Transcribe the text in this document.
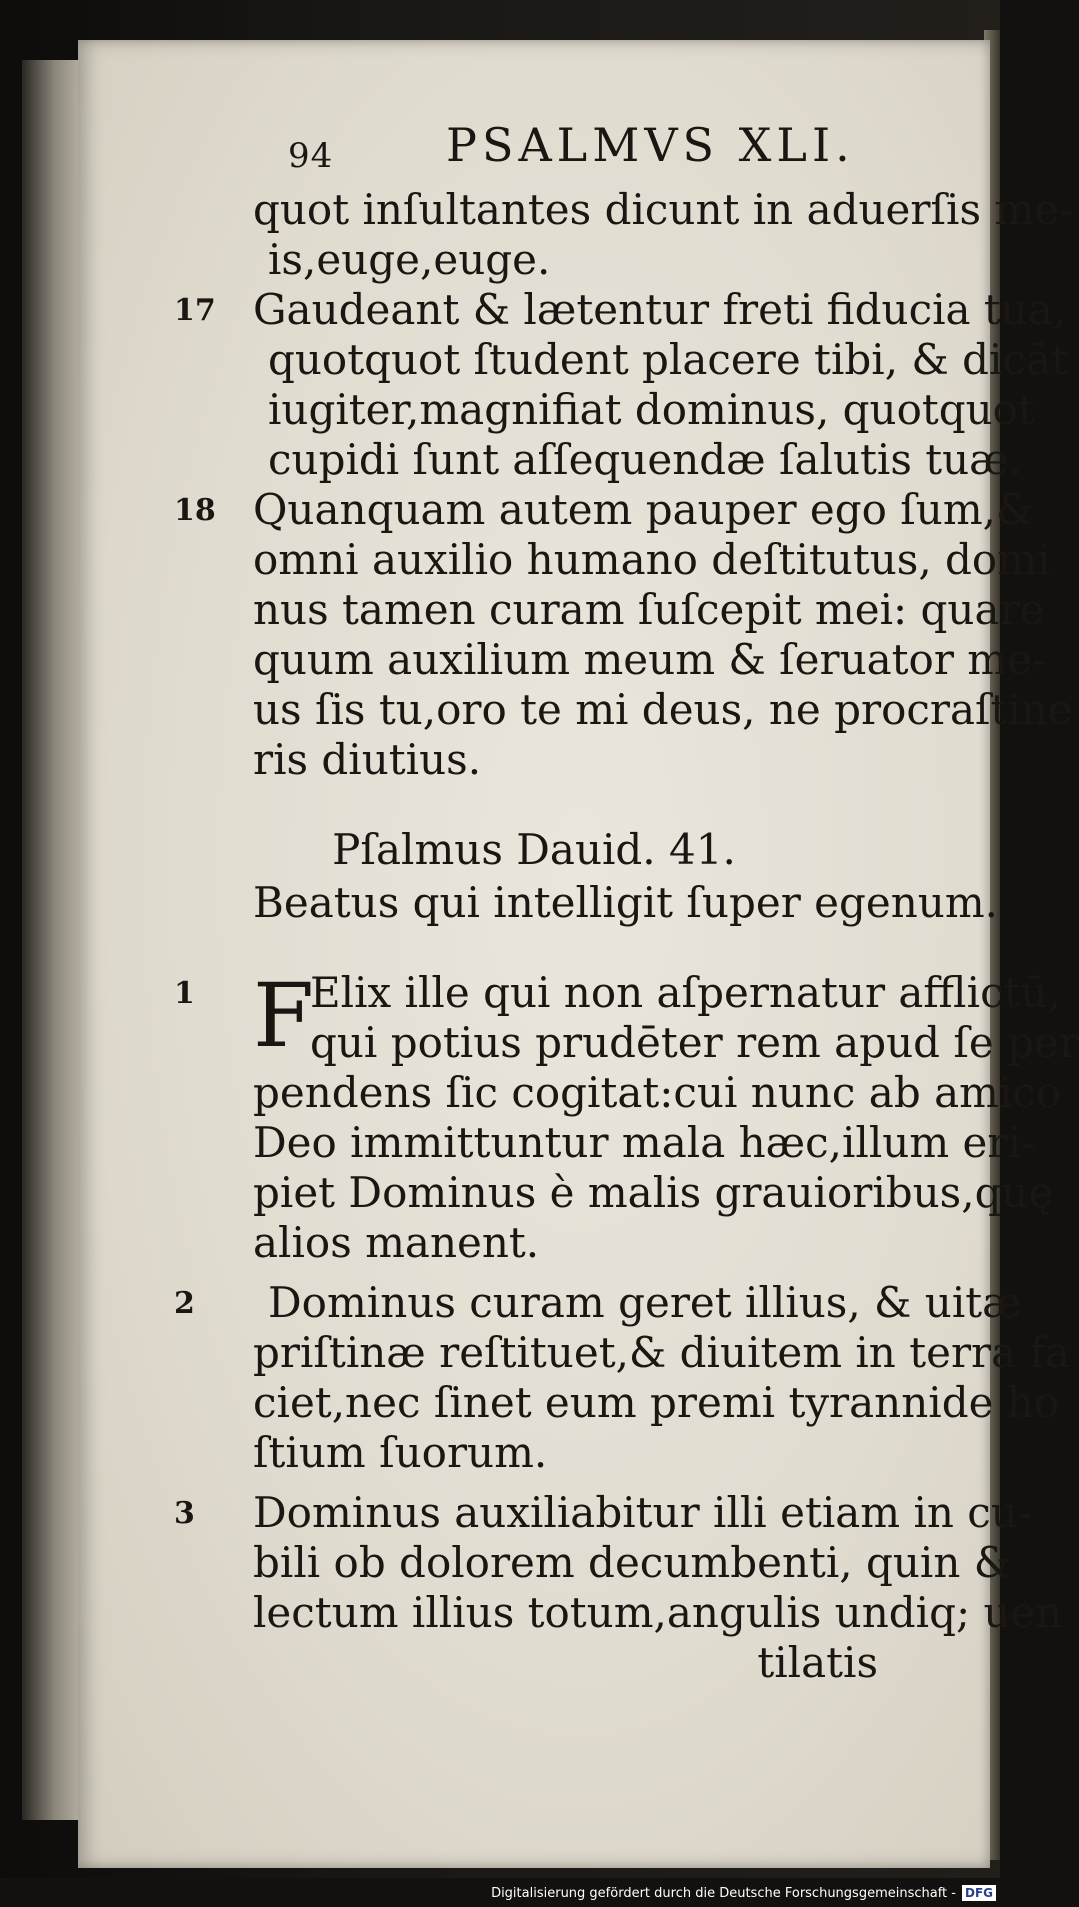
94 PSALMVS XLI.
quot inſultantes dicunt in aduerſis me-
is,euge,euge.
17 Gaudeant & lætentur freti fiducia tua,
quotquot ſtudent placere tibi, & dicāt
iugiter,magnifiat dominus, quotquot
cupidi ſunt aſſequendæ ſalutis tuæ.
18 Quanquam autem pauper ego ſum,&
omni auxilio humano deſtitutus, domi
nus tamen curam ſuſcepit mei: quare
quum auxilium meum & ſeruator me-
us ſis tu,oro te mi deus, ne procraſtine
ris diutius.
Pſalmus Dauid. 41.
Beatus qui intelligit ſuper egenum.
1 F
Elix ille qui non aſpernatur afflictū,
qui potius prudēter rem apud ſe per
pendens ſic cogitat:cui nunc ab amico
Deo immittuntur mala hæc,illum eri-
piet Dominus è malis grauioribus,quę
alios manent.
2 Dominus curam geret illius, & uitæ
priſtinæ reſtituet,& diuitem in terra fa
ciet,nec ſinet eum premi tyrannide ho
ſtium ſuorum.
3 Dominus auxiliabitur illi etiam in cu-
bili ob dolorem decumbenti, quin &
lectum illius totum,angulis undiq; uen
tilatis
Digitalisierung gefördert durch die Deutsche Forschungsgemeinschaft - DFG
